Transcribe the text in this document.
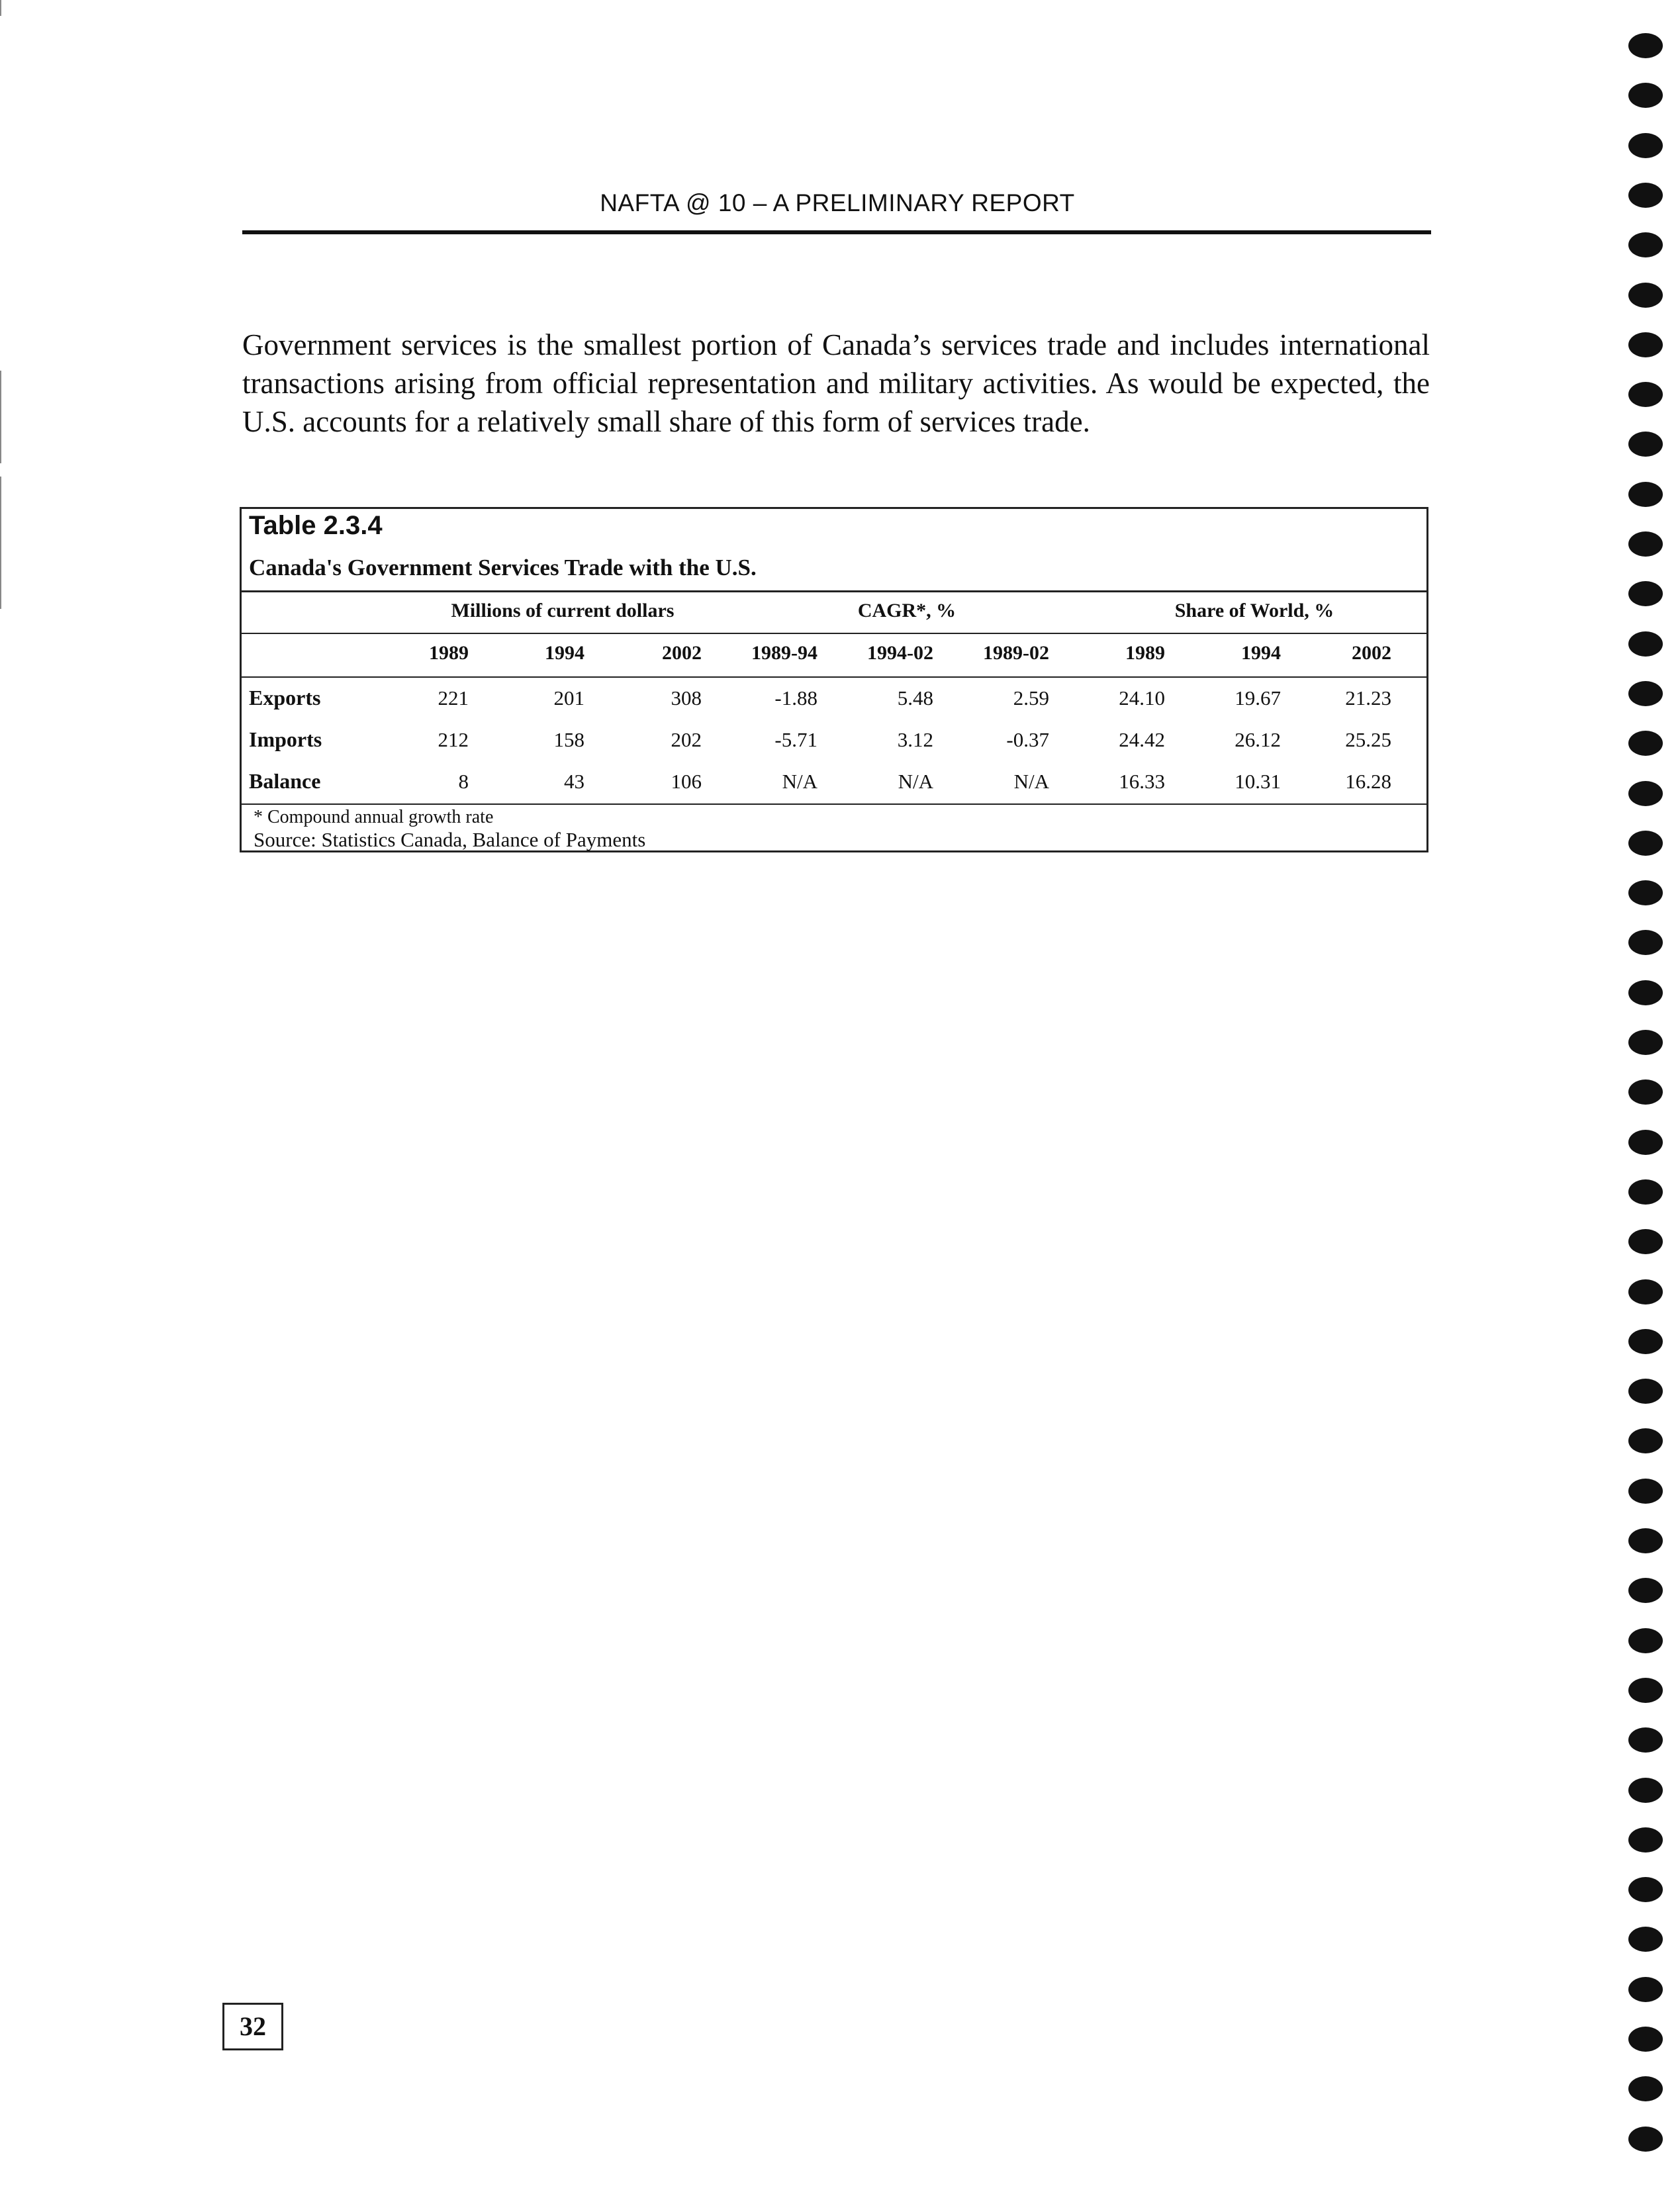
NAFTA @ 10 – A PRELIMINARY REPORT
Government services is the smallest portion of Canada’s services trade and includes international transactions arising from official representation and military activities. As would be expected, the U.S. accounts for a relatively small share of this form of services trade.
Table 2.3.4
Canada's Government Services Trade with the U.S.
Millions of current dollars	CAGR*, %	Share of World, %
1989	1994	2002	1989-94	1994-02	1989-02	1989	1994	2002
Exports	221	201	308	-1.88	5.48	2.59	24.10	19.67	21.23
Imports	212	158	202	-5.71	3.12	-0.37	24.42	26.12	25.25
Balance	8	43	106	N/A	N/A	N/A	16.33	10.31	16.28
* Compound annual growth rate
Source: Statistics Canada, Balance of Payments
32
